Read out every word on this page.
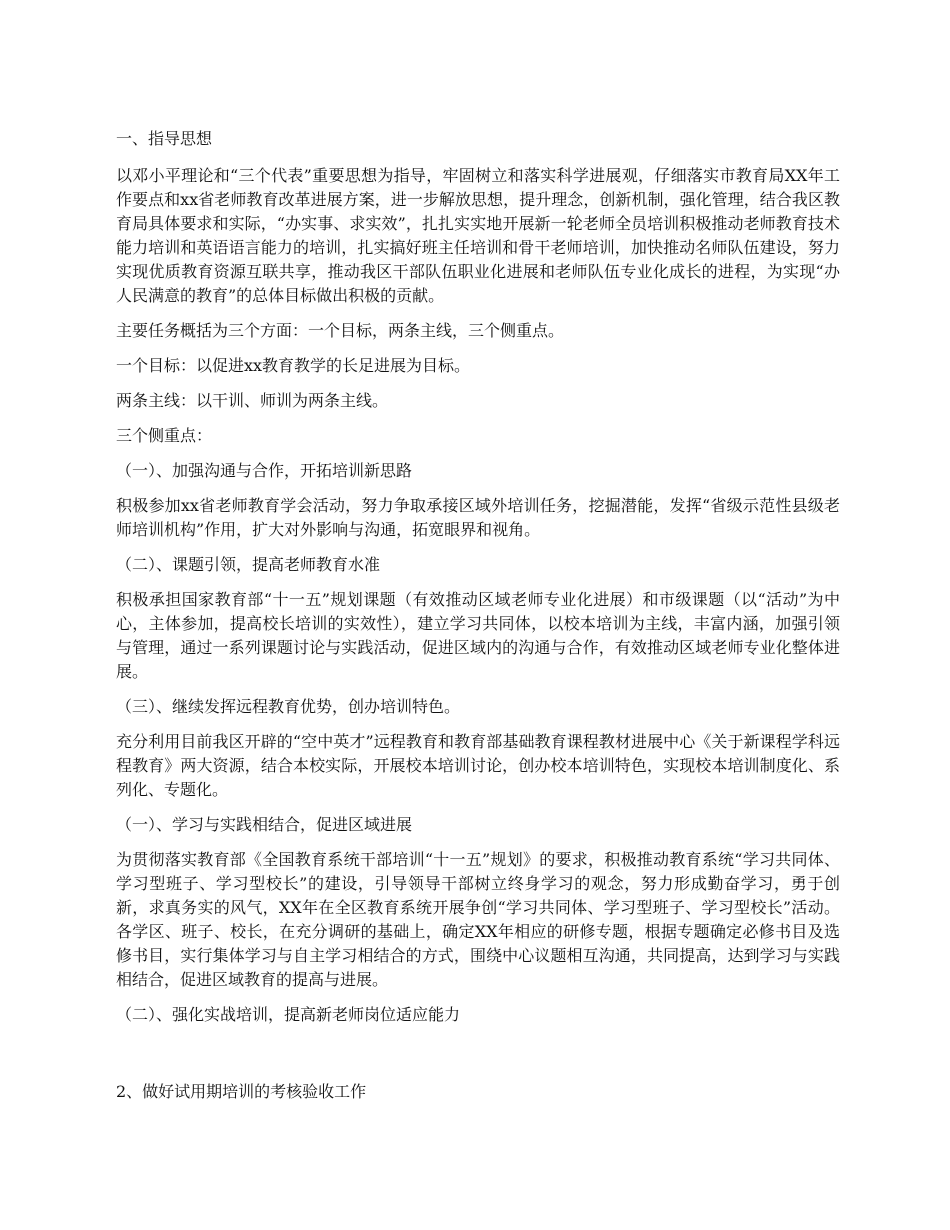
一、指导思想

以邓小平理论和“三个代表”重要思想为指导，牢固树立和落实科学进展观，仔细落实市教育局XX年工作要点和xx省老师教育改革进展方案，进一步解放思想，提升理念，创新机制，强化管理，结合我区教育局具体要求和实际，“办实事、求实效”，扎扎实实地开展新一轮老师全员培训积极推动老师教育技术能力培训和英语语言能力的培训，扎实搞好班主任培训和骨干老师培训，加快推动名师队伍建设，努力实现优质教育资源互联共享，推动我区干部队伍职业化进展和老师队伍专业化成长的进程，为实现“办人民满意的教育”的总体目标做出积极的贡献。

主要任务概括为三个方面：一个目标，两条主线，三个侧重点。

一个目标：以促进xx教育教学的长足进展为目标。

两条主线：以干训、师训为两条主线。

三个侧重点：

（一）、加强沟通与合作，开拓培训新思路

积极参加xx省老师教育学会活动，努力争取承接区域外培训任务，挖掘潜能，发挥“省级示范性县级老师培训机构”作用，扩大对外影响与沟通，拓宽眼界和视角。

（二）、课题引领，提高老师教育水准

积极承担国家教育部“十一五”规划课题（有效推动区域老师专业化进展）和市级课题（以“活动”为中心，主体参加，提高校长培训的实效性），建立学习共同体，以校本培训为主线，丰富内涵，加强引领与管理，通过一系列课题讨论与实践活动，促进区域内的沟通与合作，有效推动区域老师专业化整体进展。

（三）、继续发挥远程教育优势，创办培训特色。

充分利用目前我区开辟的“空中英才”远程教育和教育部基础教育课程教材进展中心《关于新课程学科远程教育》两大资源，结合本校实际，开展校本培训讨论，创办校本培训特色，实现校本培训制度化、系列化、专题化。

（一）、学习与实践相结合，促进区域进展

为贯彻落实教育部《全国教育系统干部培训“十一五”规划》的要求，积极推动教育系统“学习共同体、学习型班子、学习型校长”的建设，引导领导干部树立终身学习的观念，努力形成勤奋学习，勇于创新，求真务实的风气，XX年在全区教育系统开展争创“学习共同体、学习型班子、学习型校长”活动。各学区、班子、校长，在充分调研的基础上，确定XX年相应的研修专题，根据专题确定必修书目及选修书目，实行集体学习与自主学习相结合的方式，围绕中心议题相互沟通，共同提高，达到学习与实践相结合，促进区域教育的提高与进展。

（二）、强化实战培训，提高新老师岗位适应能力

2、做好试用期培训的考核验收工作
